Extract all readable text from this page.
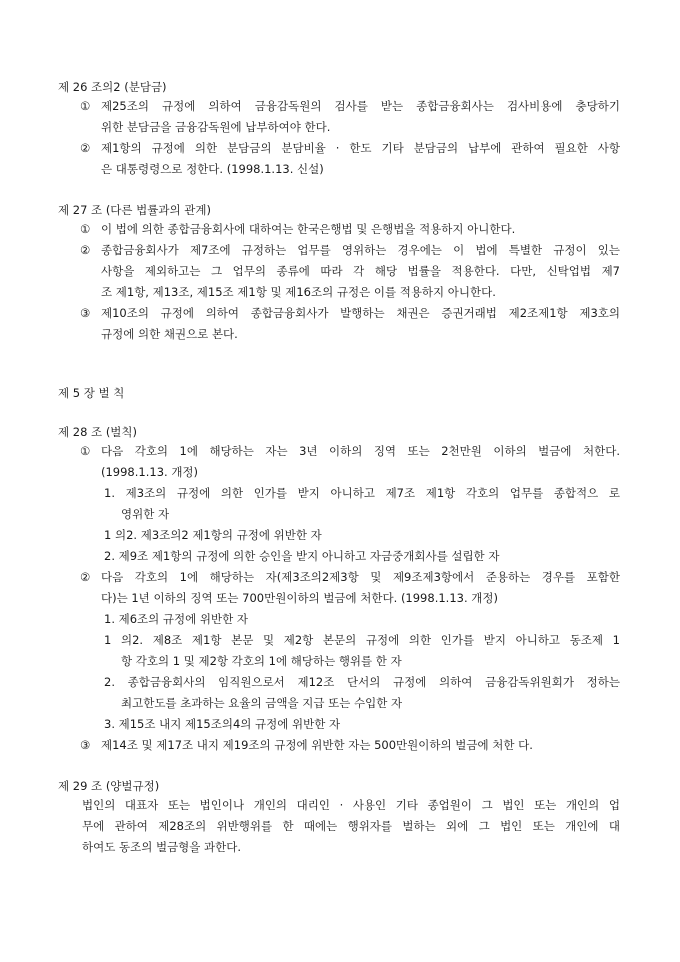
제 26 조의2 (분담금)
① 제25조의 규정에 의하여 금융감독원의 검사를 받는 종합금융회사는 검사비용에 충당하기
위한 분담금을 금융감독원에 납부하여야 한다.
② 제1항의 규정에 의한 분담금의 분담비율 · 한도 기타 분담금의 납부에 관하여 필요한 사항
은 대통령령으로 정한다. (1998.1.13. 신설)
제 27 조 (다른 법률과의 관계)
① 이 법에 의한 종합금융회사에 대하여는 한국은행법 및 은행법을 적용하지 아니한다.
② 종합금융회사가 제7조에 규정하는 업무를 영위하는 경우에는 이 법에 특별한 규정이 있는
사항을 제외하고는 그 업무의 종류에 따라 각 해당 법률을 적용한다. 다만, 신탁업법 제7
조 제1항, 제13조, 제15조 제1항 및 제16조의 규정은 이를 적용하지 아니한다.
③ 제10조의 규정에 의하여 종합금융회사가 발행하는 채권은 증권거래법 제2조제1항 제3호의
규정에 의한 채권으로 본다.
제 5 장 벌 칙
제 28 조 (벌칙)
① 다음 각호의 1에 해당하는 자는 3년 이하의 징역 또는 2천만원 이하의 벌금에 처한다.
(1998.1.13. 개정)
1. 제3조의 규정에 의한 인가를 받지 아니하고 제7조 제1항 각호의 업무를 종합적으 로
영위한 자
1 의2. 제3조의2 제1항의 규정에 위반한 자
2. 제9조 제1항의 규정에 의한 승인을 받지 아니하고 자금중개회사를 설립한 자
② 다음 각호의 1에 해당하는 자(제3조의2제3항 및 제9조제3항에서 준용하는 경우를 포함한
다)는 1년 이하의 징역 또는 700만원이하의 벌금에 처한다. (1998.1.13. 개정)
1. 제6조의 규정에 위반한 자
1 의2. 제8조 제1항 본문 및 제2항 본문의 규정에 의한 인가를 받지 아니하고 동조제 1
항 각호의 1 및 제2항 각호의 1에 해당하는 행위를 한 자
2. 종합금융회사의 임직원으로서 제12조 단서의 규정에 의하여 금융감독위원회가 정하는
최고한도를 초과하는 요율의 금액을 지급 또는 수입한 자
3. 제15조 내지 제15조의4의 규정에 위반한 자
③ 제14조 및 제17조 내지 제19조의 규정에 위반한 자는 500만원이하의 벌금에 처한 다.
제 29 조 (양벌규정)
법인의 대표자 또는 법인이나 개인의 대리인 · 사용인 기타 종업원이 그 법인 또는 개인의 업
무에 관하여 제28조의 위반행위를 한 때에는 행위자를 벌하는 외에 그 법인 또는 개인에 대
하여도 동조의 벌금형을 과한다.
